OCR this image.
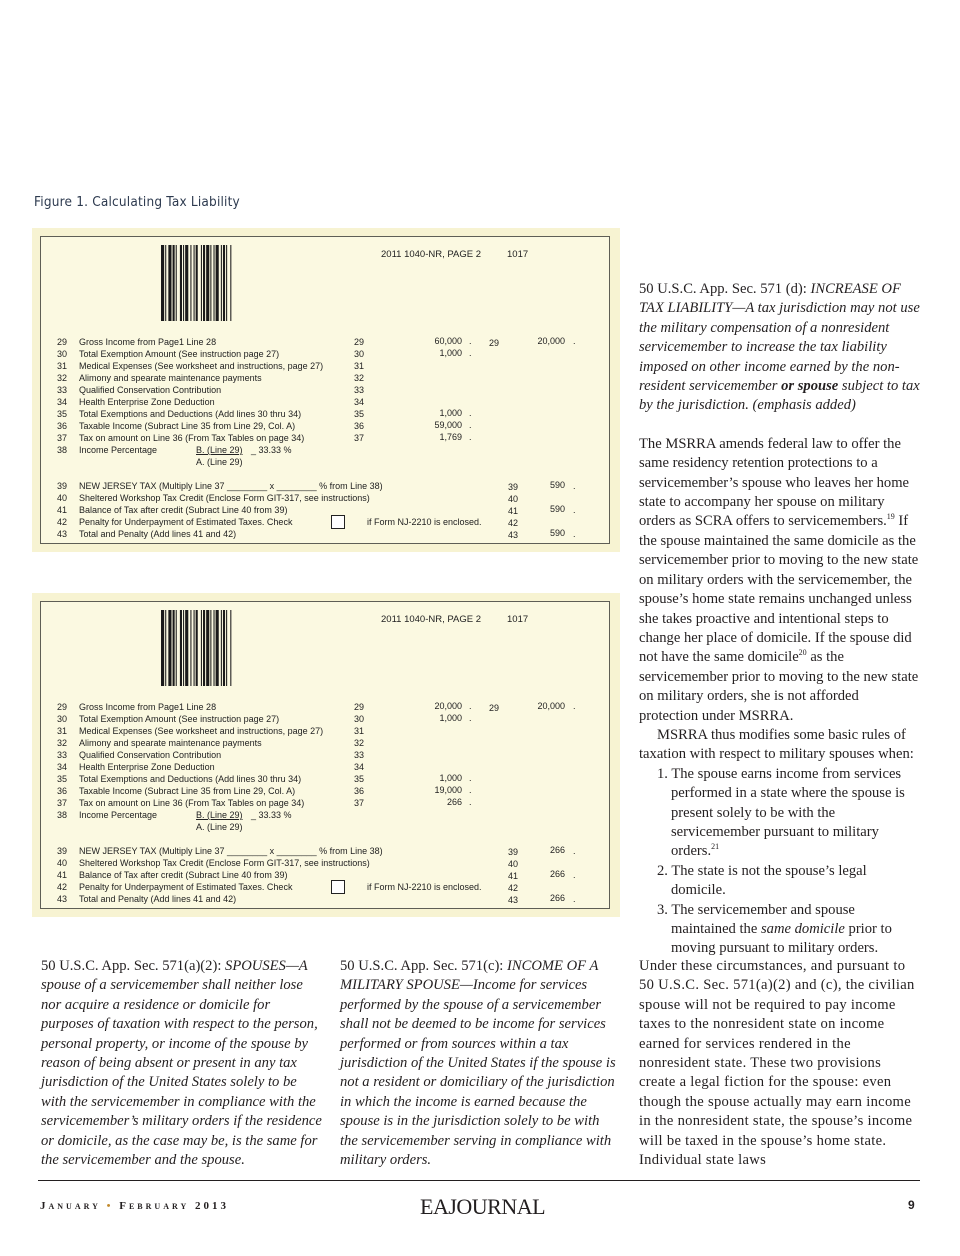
Figure 1. Calculating Tax Liability
2011 1040-NR, PAGE 2	1017
29 Gross Income from Page1 Line 28	29	60,000 . 29	20,000 .
30 Total Exemption Amount (See instruction page 27)	30	1,000 .
31 Medical Expenses (See worksheet and instructions, page 27)	31
32 Alimony and spearate maintenance payments	32
33 Qualified Conservation Contribution	33
34 Health Enterprise Zone Deduction	34
35 Total Exemptions and Deductions (Add lines 30 thru 34)	35	1,000 .
36 Taxable Income (Subract Line 35 from Line 29, Col. A)	36	59,000 .
37 Tax on amount on Line 36 (From Tax Tables on page 34)	37	1,769 .
38 Income Percentage	B. (Line 29) _ 33.33 %
A. (Line 29)
39 NEW JERSEY TAX (Multiply Line 37 ________ x ________ % from Line 38)	39	590 .
40 Sheltered Workshop Tax Credit (Enclose Form GIT-317, see instructions)	40
41 Balance of Tax after credit (Subract Line 40 from 39)	41	590 .
42 Penalty for Underpayment of Estimated Taxes. Check	42
if Form NJ-2210 is enclosed.
43 Total and Penalty (Add lines 41 and 42)	43	590 .
2011 1040-NR, PAGE 2	1017
29 Gross Income from Page1 Line 28	29	20,000 . 29	20,000 .
30 Total Exemption Amount (See instruction page 27)	30	1,000 .
31 Medical Expenses (See worksheet and instructions, page 27)	31
32 Alimony and spearate maintenance payments	32
33 Qualified Conservation Contribution	33
34 Health Enterprise Zone Deduction	34
35 Total Exemptions and Deductions (Add lines 30 thru 34)	35	1,000 .
36 Taxable Income (Subract Line 35 from Line 29, Col. A)	36	19,000 .
37 Tax on amount on Line 36 (From Tax Tables on page 34)	37	266 .
38 Income Percentage	B. (Line 29) _ 33.33 %
A. (Line 29)
39 NEW JERSEY TAX (Multiply Line 37 ________ x ________ % from Line 38)	39	266 .
40 Sheltered Workshop Tax Credit (Enclose Form GIT-317, see instructions)	40
41 Balance of Tax after credit (Subract Line 40 from 39)	41	266 .
42 Penalty for Underpayment of Estimated Taxes. Check	42
if Form NJ-2210 is enclosed.
43 Total and Penalty (Add lines 41 and 42)	43	266 .

50 U.S.C. App. Sec. 571 (d): INCREASE OF TAX LIABILITY—A tax jurisdiction may not use the military compensation of a nonresident servicemember to increase the tax liability imposed on other income earned by the non-resident servicemember or spouse subject to tax by the jurisdiction. (emphasis added)

The MSRRA amends federal law to offer the same residency retention protections to a servicemember’s spouse who leaves her home state to accompany her spouse on military orders as SCRA offers to servicemembers.$^{19}$ If the spouse maintained the same domicile as the servicemember prior to moving to the new state on military orders with the servicemember, the spouse’s home state remains unchanged unless she takes proactive and intentional steps to change her place of domicile. If the spouse did not have the same domicile$^{20}$ as the servicemember prior to moving to the new state on military orders, she is not afforded protection under MSRRA.

MSRRA thus modifies some basic rules of taxation with respect to military spouses when:

1. The spouse earns income from services performed in a state where the spouse is present solely to be with the servicemember pursuant to military orders.$^{21}$
2. The state is not the spouse’s legal domicile.
3. The servicemember and spouse maintained the same domicile prior to moving pursuant to military orders.

50 U.S.C. App. Sec. 571(a)(2): SPOUSES—A spouse of a servicemember shall neither lose nor acquire a residence or domicile for purposes of taxation with respect to the person, personal property, or income of the spouse by reason of being absent or present in any tax jurisdiction of the United States solely to be with the servicemember in compliance with the servicemember’s military orders if the residence or domicile, as the case may be, is the same for the servicemember and the spouse.

50 U.S.C. App. Sec. 571(c): INCOME OF A MILITARY SPOUSE—Income for services performed by the spouse of a servicemember shall not be deemed to be income for services performed or from sources within a tax jurisdiction of the United States if the spouse is not a resident or domiciliary of the jurisdiction in which the income is earned because the spouse is in the jurisdiction solely to be with the servicemember serving in compliance with military orders.

Under these circumstances, and pursuant to 50 U.S.C. Sec. 571(a)(2) and (c), the civilian spouse will not be required to pay income taxes to the nonresident state on income earned for services rendered in the nonresident state. These two provisions create a legal fiction for the spouse: even though the spouse actually may earn income in the nonresident state, the spouse’s income will be taxed in the spouse’s home state. Individual state laws

January • February 2013	EAJOURNAL	9
